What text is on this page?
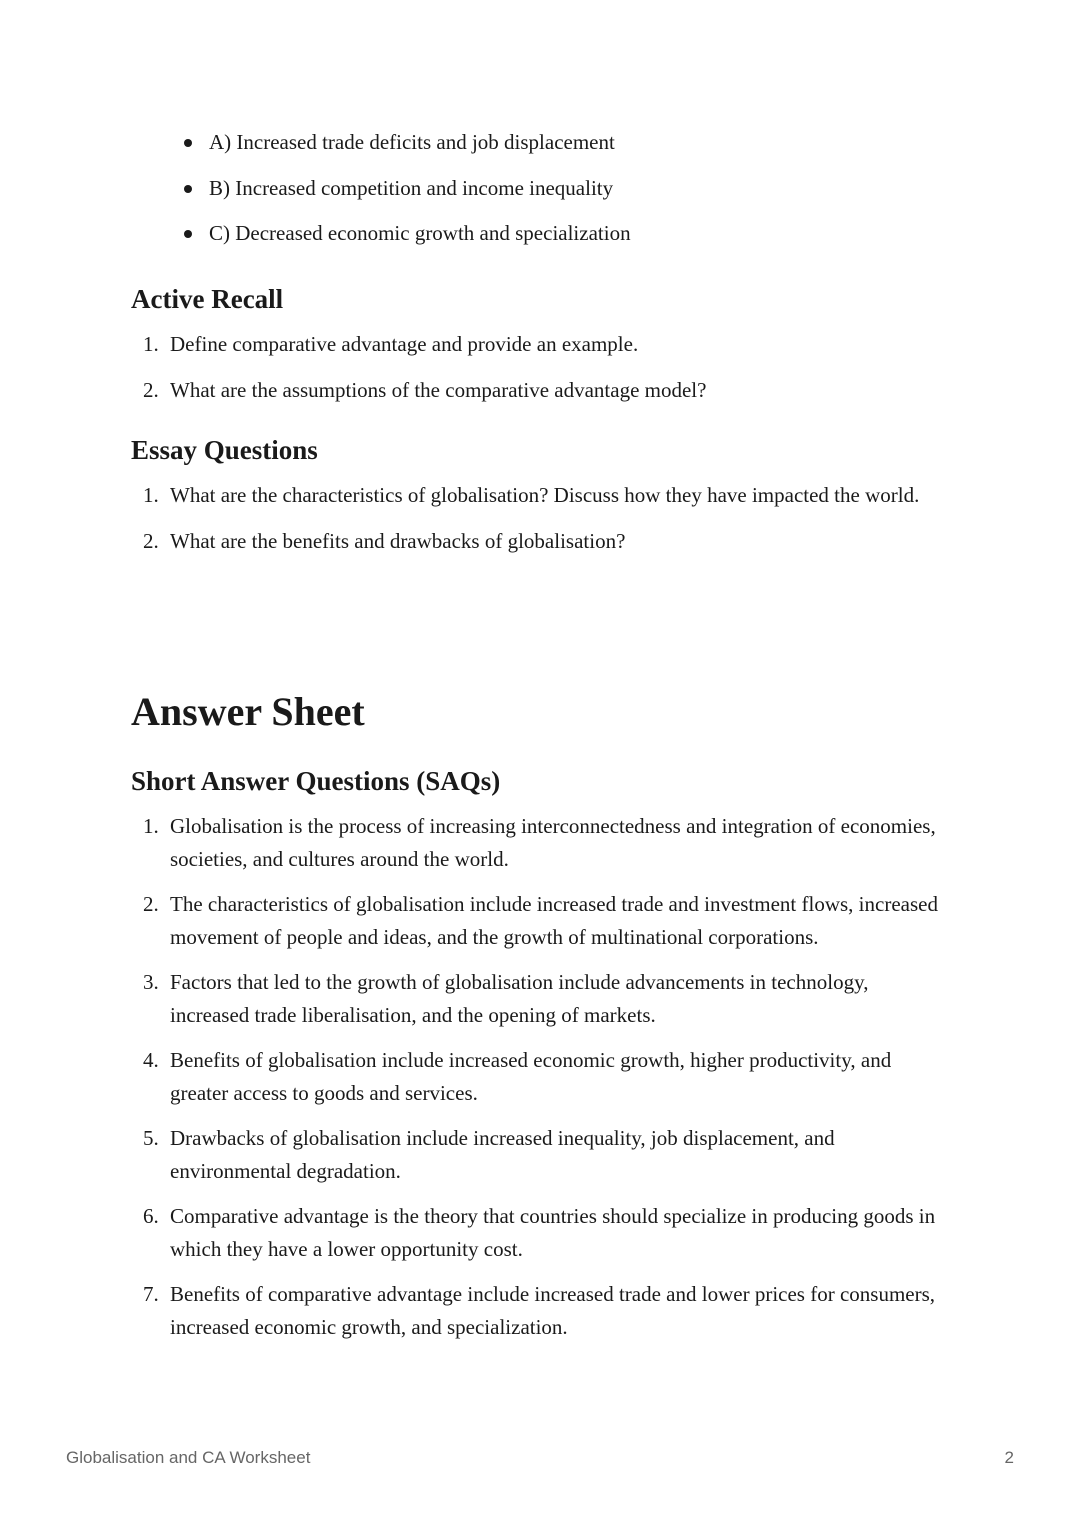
A) Increased trade deficits and job displacement
B) Increased competition and income inequality
C) Decreased economic growth and specialization
Active Recall
1. Define comparative advantage and provide an example.
2. What are the assumptions of the comparative advantage model?
Essay Questions
1. What are the characteristics of globalisation? Discuss how they have impacted the world.
2. What are the benefits and drawbacks of globalisation?
Answer Sheet
Short Answer Questions (SAQs)
1. Globalisation is the process of increasing interconnectedness and integration of economies, societies, and cultures around the world.
2. The characteristics of globalisation include increased trade and investment flows, increased movement of people and ideas, and the growth of multinational corporations.
3. Factors that led to the growth of globalisation include advancements in technology, increased trade liberalisation, and the opening of markets.
4. Benefits of globalisation include increased economic growth, higher productivity, and greater access to goods and services.
5. Drawbacks of globalisation include increased inequality, job displacement, and environmental degradation.
6. Comparative advantage is the theory that countries should specialize in producing goods in which they have a lower opportunity cost.
7. Benefits of comparative advantage include increased trade and lower prices for consumers, increased economic growth, and specialization.
Globalisation and CA Worksheet	2
